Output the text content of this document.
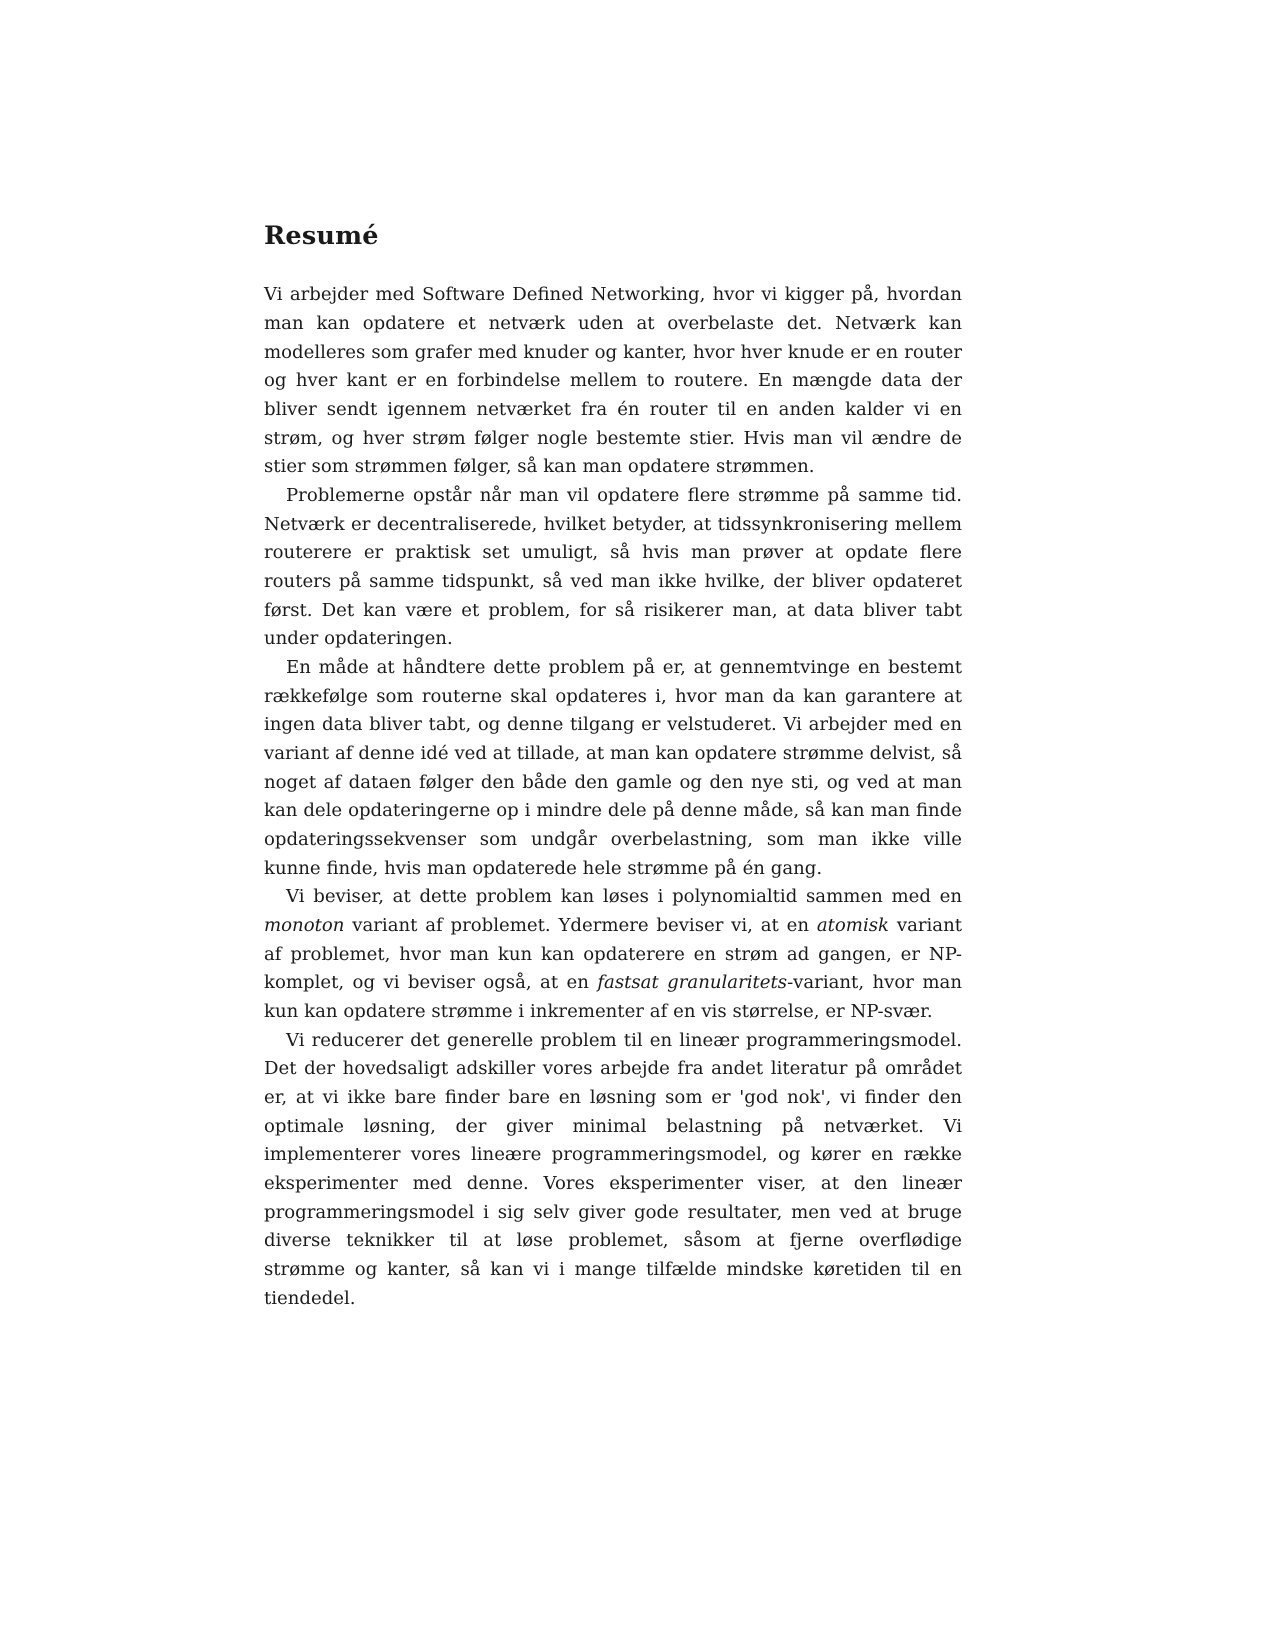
Resumé

Vi arbejder med Software Defined Networking, hvor vi kigger på, hvordan man kan opdatere et netværk uden at overbelaste det. Netværk kan modelleres som grafer med knuder og kanter, hvor hver knude er en router og hver kant er en forbindelse mellem to routere. En mængde data der bliver sendt igennem netværket fra én router til en anden kalder vi en strøm, og hver strøm følger nogle bestemte stier. Hvis man vil ændre de stier som strømmen følger, så kan man opdatere strømmen.

Problemerne opstår når man vil opdatere flere strømme på samme tid. Netværk er decentraliserede, hvilket betyder, at tidssynkronisering mellem routerere er praktisk set umuligt, så hvis man prøver at opdate flere routers på samme tidspunkt, så ved man ikke hvilke, der bliver opdateret først. Det kan være et problem, for så risikerer man, at data bliver tabt under opdateringen.

En måde at håndtere dette problem på er, at gennemtvinge en bestemt rækkefølge som routerne skal opdateres i, hvor man da kan garantere at ingen data bliver tabt, og denne tilgang er velstuderet. Vi arbejder med en variant af denne idé ved at tillade, at man kan opdatere strømme delvist, så noget af dataen følger den både den gamle og den nye sti, og ved at man kan dele opdateringerne op i mindre dele på denne måde, så kan man finde opdateringssekvenser som undgår overbelastning, som man ikke ville kunne finde, hvis man opdaterede hele strømme på én gang.

Vi beviser, at dette problem kan løses i polynomialtid sammen med en monoton variant af problemet. Ydermere beviser vi, at en atomisk variant af problemet, hvor man kun kan opdaterere en strøm ad gangen, er NP-komplet, og vi beviser også, at en fastsat granularitets-variant, hvor man kun kan opdatere strømme i inkrementer af en vis størrelse, er NP-svær.

Vi reducerer det generelle problem til en lineær programmeringsmodel. Det der hovedsaligt adskiller vores arbejde fra andet literatur på området er, at vi ikke bare finder bare en løsning som er 'god nok', vi finder den optimale løsning, der giver minimal belastning på netværket. Vi implementerer vores lineære programmeringsmodel, og kører en række eksperimenter med denne. Vores eksperimenter viser, at den lineær programmeringsmodel i sig selv giver gode resultater, men ved at bruge diverse teknikker til at løse problemet, såsom at fjerne overflødige strømme og kanter, så kan vi i mange tilfælde mindske køretiden til en tiendedel.
